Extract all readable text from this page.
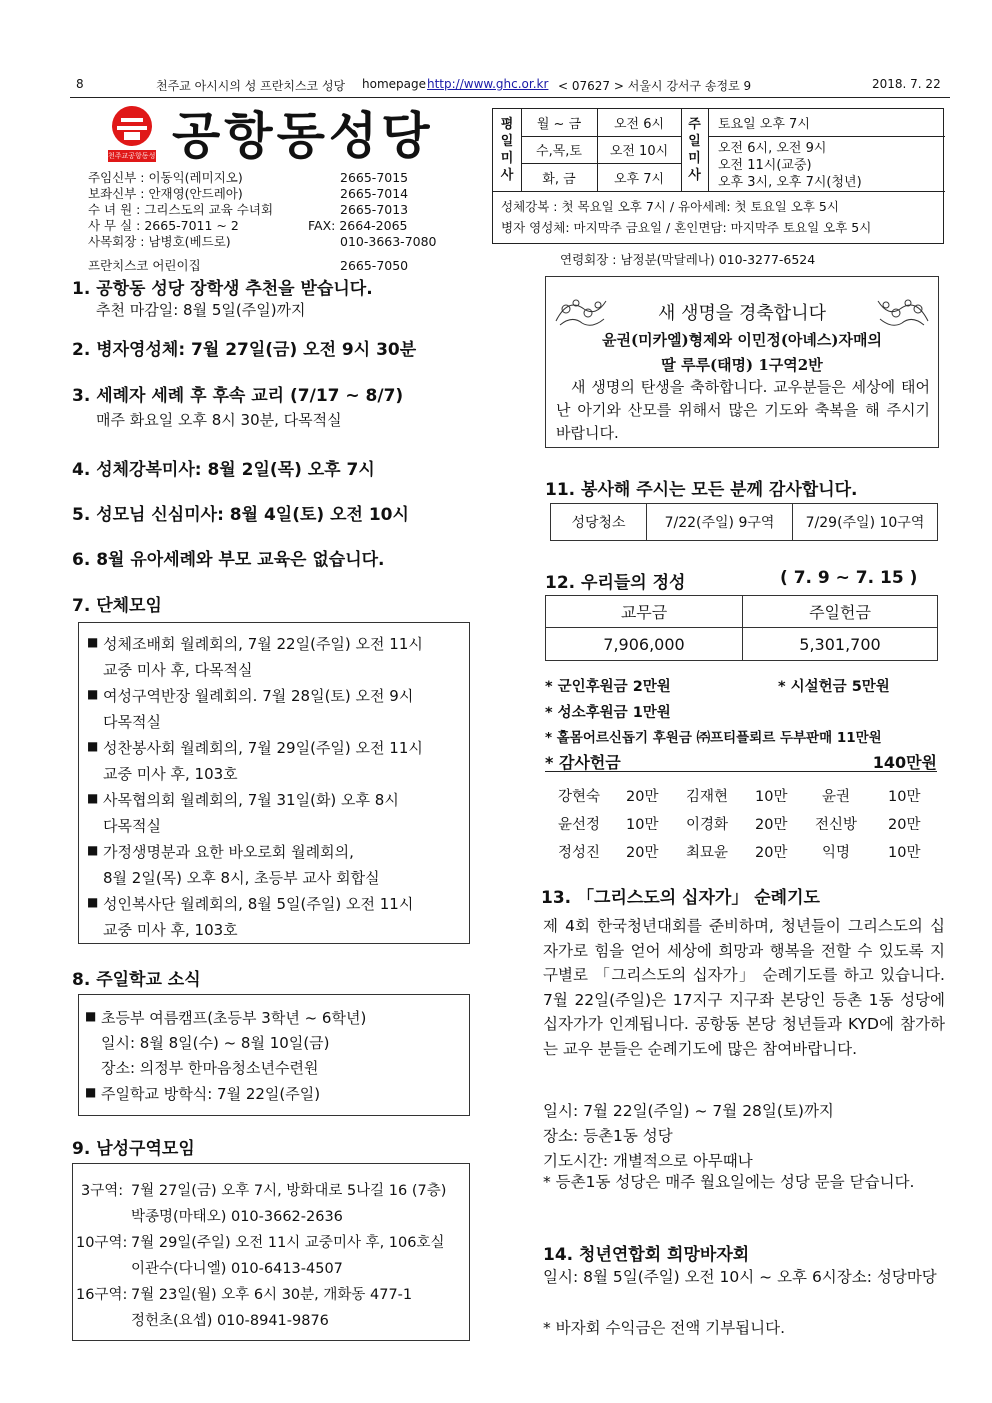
8	천주교 아시시의 성 프란치스코 성당 homepage http://www.ghc.or.kr < 07627 > 서울시 강서구 송정로 9	2018. 7. 22
천주교공항동성당 공항동성당
주임신부 : 이동익(레미지오)	2665-7015
보좌신부 : 안재영(안드레아)	2665-7014
수 녀 원 : 그리스도의 교육 수녀회	2665-7013
사 무 실 : 2665-7011 ~ 2	FAX: 2664-2065
사목회장 : 남병호(베드로)	010-3663-7080
프란치스코 어린이집	2665-7050
평일미사
월 ~ 금	오전 6시
수,목,토	오전 10시
화, 금	오후 7시
주일미사
토요일 오후 7시
오전 6시, 오전 9시
오전 11시(교중)
오후 3시, 오후 7시(청년)
성체강복 : 첫 목요일 오후 7시 / 유아세례: 첫 토요일 오후 5시
병자 영성체: 마지막주 금요일 / 혼인면담: 마지막주 토요일 오후 5시
연령회장 : 남정분(막달레나) 010-3277-6524
1. 공항동 성당 장학생 추천을 받습니다.
추천 마감일: 8월 5일(주일)까지
2. 병자영성체: 7월 27일(금) 오전 9시 30분
3. 세례자 세례 후 후속 교리 (7/17 ~ 8/7)
매주 화요일 오후 8시 30분, 다목적실
4. 성체강복미사: 8월 2일(목) 오후 7시
5. 성모님 신심미사: 8월 4일(토) 오전 10시
6. 8월 유아세례와 부모 교육은 없습니다.
7. 단체모임
■ 성체조배회 월례회의, 7월 22일(주일) 오전 11시
교중 미사 후, 다목적실
■ 여성구역반장 월례회의. 7월 28일(토) 오전 9시
다목적실
■ 성찬봉사회 월례회의, 7월 29일(주일) 오전 11시
교중 미사 후, 103호
■ 사목협의회 월례회의, 7월 31일(화) 오후 8시
다목적실
■ 가정생명분과 요한 바오로회 월례회의,
8월 2일(목) 오후 8시, 초등부 교사 회합실
■ 성인복사단 월례회의, 8월 5일(주일) 오전 11시
교중 미사 후, 103호
8. 주일학교 소식
■ 초등부 여름캠프(초등부 3학년 ~ 6학년)
일시: 8월 8일(수) ~ 8월 10일(금)
장소: 의정부 한마음청소년수련원
■ 주일학교 방학식: 7월 22일(주일)
9. 남성구역모임
3구역: 7월 27일(금) 오후 7시, 방화대로 5나길 16 (7층)
박종명(마태오) 010-3662-2636
10구역: 7월 29일(주일) 오전 11시 교중미사 후, 106호실
이관수(다니엘) 010-6413-4507
16구역: 7월 23일(월) 오후 6시 30분, 개화동 477-1
정헌초(요셉) 010-8941-9876
새 생명을 경축합니다
윤권(미카엘)형제와 이민정(아녜스)자매의
딸 루루(태명) 1구역2반
새 생명의 탄생을 축하합니다. 교우분들은 세상에 태어난 아기와 산모를 위해서 많은 기도와 축복을 해 주시기 바랍니다.
11. 봉사해 주시는 모든 분께 감사합니다.
성당청소	7/22(주일) 9구역	7/29(주일) 10구역
12. 우리들의 정성	( 7. 9 ~ 7. 15 )
교무금	주일헌금
7,906,000	5,301,700
* 군인후원금 2만원	* 시설헌금 5만원
* 성소후원금 1만원
* 홀몸어르신돕기 후원금 ㈜프티플뢰르 두부판매 11만원
* 감사헌금	140만원
강현숙 20만 김재현 10만 윤권	10만
윤선정 10만 이경화 20만 전신방 20만
정성진 20만 최묘윤 20만 익명	10만
13. 「그리스도의 십자가」 순례기도
제 4회 한국청년대회를 준비하며, 청년들이 그리스도의 십자가로 힘을 얻어 세상에 희망과 행복을 전할 수 있도록 지구별로 「그리스도의 십자가」 순례기도를 하고 있습니다. 7월 22일(주일)은 17지구 지구좌 본당인 등촌 1동 성당에 십자가가 인계됩니다. 공항동 본당 청년들과 KYD에 참가하는 교우 분들은 순례기도에 많은 참여바랍니다.
일시: 7월 22일(주일) ~ 7월 28일(토)까지
장소: 등촌1동 성당
기도시간: 개별적으로 아무때나
* 등촌1동 성당은 매주 월요일에는 성당 문을 닫습니다.
14. 청년연합회 희망바자회
일시: 8월 5일(주일) 오전 10시 ~ 오후 6시장소: 성당마당
* 바자회 수익금은 전액 기부됩니다.
